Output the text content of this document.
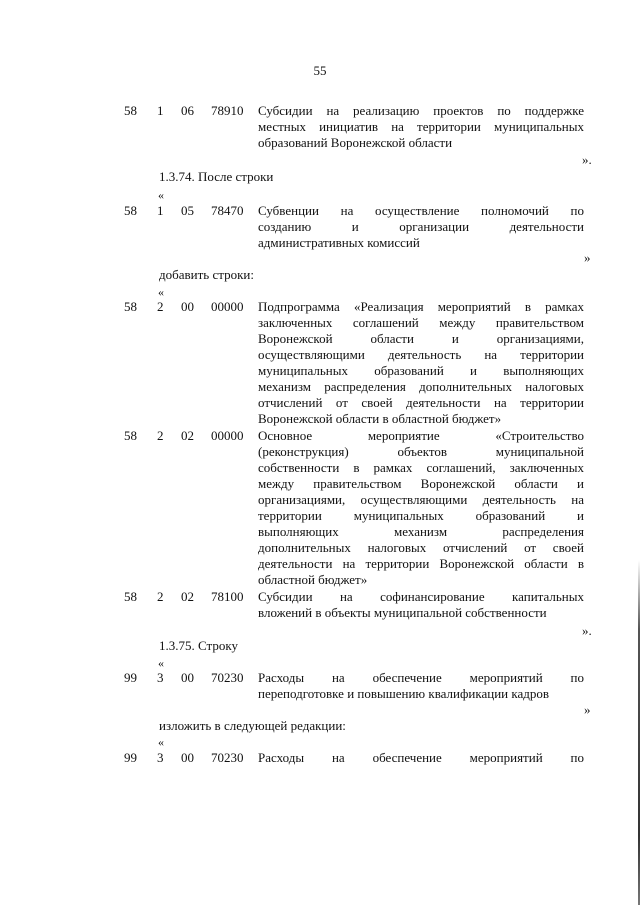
55
58 1 06 78910 Субсидии на реализацию проектов по поддержке
местных инициатив на территории муниципальных
образований Воронежской области
».
1.3.74. После строки
«
58 1 05 78470 Субвенции на осуществление полномочий по
созданию и организации деятельности
административных комиссий
»
добавить строки:
«
58 2 00 00000 Подпрограмма «Реализация мероприятий в рамках
заключенных соглашений между правительством
Воронежской области и организациями,
осуществляющими деятельность на территории
муниципальных образований и выполняющих
механизм распределения дополнительных налоговых
отчислений от своей деятельности на территории
Воронежской области в областной бюджет»
58 2 02 00000 Основное мероприятие «Строительство
(реконструкция) объектов муниципальной
собственности в рамках соглашений, заключенных
между правительством Воронежской области и
организациями, осуществляющими деятельность на
территории муниципальных образований и
выполняющих механизм распределения
дополнительных налоговых отчислений от своей
деятельности на территории Воронежской области в
областной бюджет»
58 2 02 78100 Субсидии на софинансирование капитальных
вложений в объекты муниципальной собственности
».
1.3.75. Строку
«
99 3 00 70230 Расходы на обеспечение мероприятий по
переподготовке и повышению квалификации кадров
»
изложить в следующей редакции:
«
99 3 00 70230 Расходы на обеспечение мероприятий по
